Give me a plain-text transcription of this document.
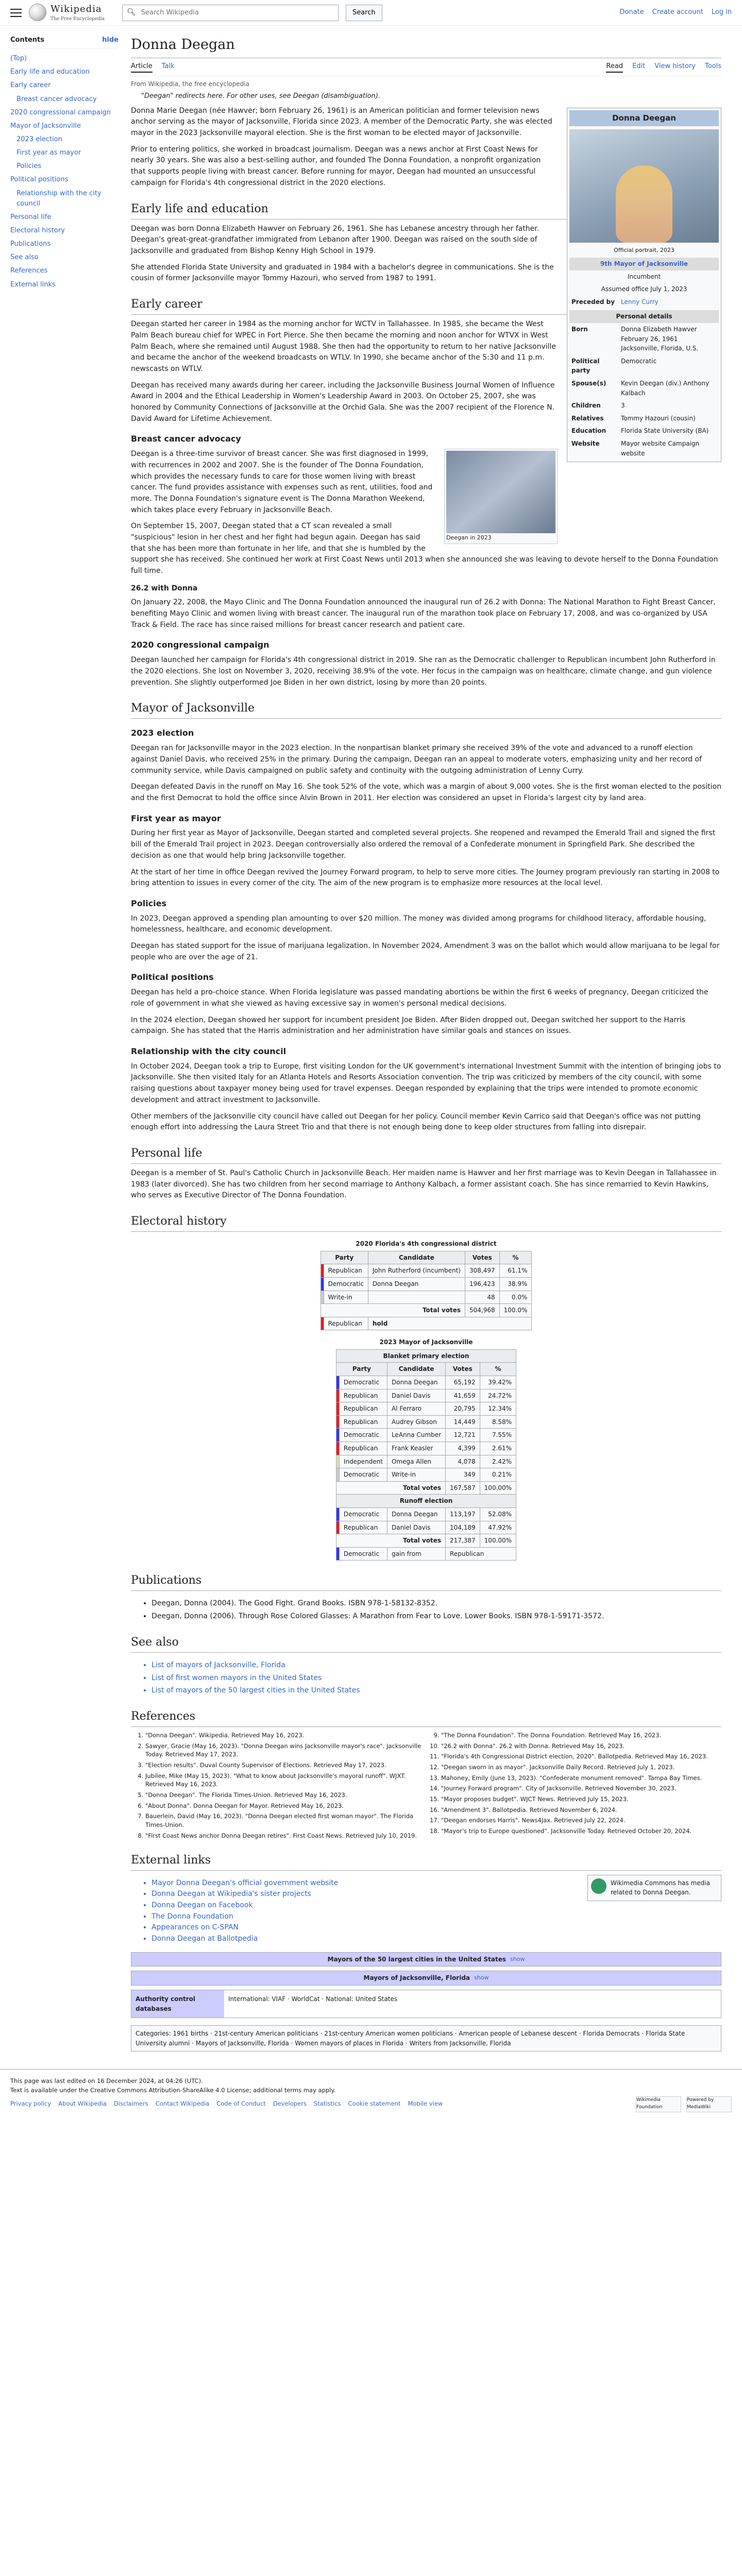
Wikipedia
The Free Encyclopedia
🔍︎
Search Wikipedia	Search	Donate Create account Log in
Contents	hide
(Top)
Early life and education
Early career
Breast cancer advocacy
2020 congressional campaign
Mayor of Jacksonville
2023 election
First year as mayor
Policies
Political positions
Relationship with the city council
Personal life
Electoral history
Publications
See also
References
External links
Donna Deegan
Article Talk	Read Edit View history Tools
From Wikipedia, the free encyclopedia
"Deegan" redirects here. For other uses, see Deegan (disambiguation).
Donna Deegan
Official portrait, 2023
9th Mayor of Jacksonville
Incumbent
Assumed office July 1, 2023
Preceded by Lenny Curry
Personal details
Born	Donna Elizabeth Hawver February 26, 1961 Jacksonville, Florida, U.S.
Political party
Democratic
Spouse(s)	Kevin Deegan (div.) Anthony Kalbach
Children	3
Relatives	Tommy Hazouri (cousin)
Education	Florida State University (BA)
Website	Mayor website Campaign website

Donna Marie Deegan (née Hawver; born February 26, 1961) is an American politician and former television news anchor serving as the mayor of Jacksonville, Florida since 2023. A member of the Democratic Party, she was elected mayor in the 2023 Jacksonville mayoral election. She is the first woman to be elected mayor of Jacksonville.

Prior to entering politics, she worked in broadcast journalism. Deegan was a news anchor at First Coast News for nearly 30 years. She was also a best-selling author, and founded The Donna Foundation, a nonprofit organization that supports people living with breast cancer. Before running for mayor, Deegan had mounted an unsuccessful campaign for Florida's 4th congressional district in the 2020 elections.

Early life and education

Deegan was born Donna Elizabeth Hawver on February 26, 1961. She has Lebanese ancestry through her father. Deegan's great-great-grandfather immigrated from Lebanon after 1900. Deegan was raised on the south side of Jacksonville and graduated from Bishop Kenny High School in 1979.

She attended Florida State University and graduated in 1984 with a bachelor's degree in communications. She is the cousin of former Jacksonville mayor Tommy Hazouri, who served from 1987 to 1991.

Early career

Deegan started her career in 1984 as the morning anchor for WCTV in Tallahassee. In 1985, she became the West Palm Beach bureau chief for WPEC in Fort Pierce. She then became the morning and noon anchor for WTVX in West Palm Beach, where she remained until August 1988. She then had the opportunity to return to her native Jacksonville and became the anchor of the weekend broadcasts on WTLV. In 1990, she became anchor of the 5:30 and 11 p.m. newscasts on WTLV.

Deegan has received many awards during her career, including the Jacksonville Business Journal Women of Influence Award in 2004 and the Ethical Leadership in Women's Leadership Award in 2003. On October 25, 2007, she was honored by Community Connections of Jacksonville at the Orchid Gala. She was the 2007 recipient of the Florence N. David Award for Lifetime Achievement.

Breast cancer advocacy
Deegan in 2023

Deegan is a three-time survivor of breast cancer. She was first diagnosed in 1999, with recurrences in 2002 and 2007. She is the founder of The Donna Foundation, which provides the necessary funds to care for those women living with breast cancer. The fund provides assistance with expenses such as rent, utilities, food and more. The Donna Foundation's signature event is The Donna Marathon Weekend, which takes place every February in Jacksonville Beach.

On September 15, 2007, Deegan stated that a CT scan revealed a small "suspicious" lesion in her chest and her fight had begun again. Deegan has said that she has been more than fortunate in her life, and that she is humbled by the support she has received. She continued her work at First Coast News until 2013 when she announced she was leaving to devote herself to the Donna Foundation full time.

26.2 with Donna

On January 22, 2008, the Mayo Clinic and The Donna Foundation announced the inaugural run of 26.2 with Donna: The National Marathon to Fight Breast Cancer, benefiting Mayo Clinic and women living with breast cancer. The inaugural run of the marathon took place on February 17, 2008, and was co-organized by USA Track & Field. The race has since raised millions for breast cancer research and patient care.

2020 congressional campaign

Deegan launched her campaign for Florida's 4th congressional district in 2019. She ran as the Democratic challenger to Republican incumbent John Rutherford in the 2020 elections. She lost on November 3, 2020, receiving 38.9% of the vote. Her focus in the campaign was on healthcare, climate change, and gun violence prevention. She slightly outperformed Joe Biden in her own district, losing by more than 20 points.

Mayor of Jacksonville
2023 election

Deegan ran for Jacksonville mayor in the 2023 election. In the nonpartisan blanket primary she received 39% of the vote and advanced to a runoff election against Daniel Davis, who received 25% in the primary. During the campaign, Deegan ran an appeal to moderate voters, emphasizing unity and her record of community service, while Davis campaigned on public safety and continuity with the outgoing administration of Lenny Curry.

Deegan defeated Davis in the runoff on May 16. She took 52% of the vote, which was a margin of about 9,000 votes. She is the first woman elected to the position and the first Democrat to hold the office since Alvin Brown in 2011. Her election was considered an upset in Florida's largest city by land area.

First year as mayor

During her first year as Mayor of Jacksonville, Deegan started and completed several projects. She reopened and revamped the Emerald Trail and signed the first bill of the Emerald Trail project in 2023. Deegan controversially also ordered the removal of a Confederate monument in Springfield Park. She described the decision as one that would help bring Jacksonville together.

At the start of her time in office Deegan revived the Journey Forward program, to help to serve more cities. The Journey program previously ran starting in 2008 to bring attention to issues in every corner of the city. The aim of the new program is to emphasize more resources at the local level.

Policies

In 2023, Deegan approved a spending plan amounting to over $20 million. The money was divided among programs for childhood literacy, affordable housing, homelessness, healthcare, and economic development.

Deegan has stated support for the issue of marijuana legalization. In November 2024, Amendment 3 was on the ballot which would allow marijuana to be legal for people who are over the age of 21.

Political positions

Deegan has held a pro-choice stance. When Florida legislature was passed mandating abortions be within the first 6 weeks of pregnancy, Deegan criticized the role of government in what she viewed as having excessive say in women's personal medical decisions.

In the 2024 election, Deegan showed her support for incumbent president Joe Biden. After Biden dropped out, Deegan switched her support to the Harris campaign. She has stated that the Harris administration and her administration have similar goals and stances on issues.

Relationship with the city council

In October 2024, Deegan took a trip to Europe, first visiting London for the UK government's international Investment Summit with the intention of bringing jobs to Jacksonville. She then visited Italy for an Atlanta Hotels and Resorts Association convention. The trip was criticized by members of the city council, with some raising questions about taxpayer money being used for travel expenses. Deegan responded by explaining that the trips were intended to promote economic development and attract investment to Jacksonville.

Other members of the Jacksonville city council have called out Deegan for her policy. Council member Kevin Carrico said that Deegan's office was not putting enough effort into addressing the Laura Street Trio and that there is not enough being done to keep older structures from falling into disrepair.

Personal life

Deegan is a member of St. Paul's Catholic Church in Jacksonville Beach. Her maiden name is Hawver and her first marriage was to Kevin Deegan in Tallahassee in 1983 (later divorced). She has two children from her second marriage to Anthony Kalbach, a former assistant coach. She has since remarried to Kevin Hawkins, who serves as Executive Director of The Donna Foundation.

Electoral history
2020 Florida's 4th congressional district
Party		Candidate	Votes	%
	Republican	John Rutherford (incumbent)	308,497	61.1%
	Democratic	Donna Deegan	196,423	38.9%
	Write-in		48	0.0%
Total votes			504,968	100.0%
	Republican	hold		
2023 Mayor of Jacksonville
Blanket primary election				
Party		Candidate	Votes	%
	Democratic	Donna Deegan	65,192	39.42%
	Republican	Daniel Davis	41,659	24.72%
	Republican	Al Ferraro	20,795	12.34%
	Republican	Audrey Gibson	14,449	8.58%
	Democratic	LeAnna Cumber	12,721	7.55%
	Republican	Frank Keasler	4,399	2.61%
	Independent	Omega Allen	4,078	2.42%
	Democratic	Write-in	349	0.21%
Total votes			167,587	100.00%
Runoff election				
	Democratic	Donna Deegan	113,197	52.08%
	Republican	Daniel Davis	104,189	47.92%
Total votes			217,387	100.00%
	Democratic	gain from	Republican	
Publications
• Deegan, Donna (2004). The Good Fight. Grand Books. ISBN 978-1-58132-8352.
• Deegan, Donna (2006). Through Rose Colored Glasses: A Marathon from Fear to Love. Lower Books. ISBN 978-1-59171-3572.
See also
• List of mayors of Jacksonville, Florida
• List of first women mayors in the United States
• List of mayors of the 50 largest cities in the United States
References
1. "Donna Deegan". Wikipedia. Retrieved May 16, 2023.
2. Sawyer, Gracie (May 16, 2023). "Donna Deegan wins Jacksonville mayor's race". Jacksonville Today. Retrieved May 17, 2023.
3. "Election results". Duval County Supervisor of Elections. Retrieved May 17, 2023.
4. Jubilee, Mike (May 15, 2023). "What to know about Jacksonville's mayoral runoff". WJXT. Retrieved May 16, 2023.
5. "Donna Deegan". The Florida Times-Union. Retrieved May 16, 2023.
6. "About Donna". Donna Deegan for Mayor. Retrieved May 16, 2023.
7. Bauerlein, David (May 16, 2023). "Donna Deegan elected first woman mayor". The Florida Times-Union.
8. "First Coast News anchor Donna Deegan retires". First Coast News. Retrieved July 10, 2019.
9. "The Donna Foundation". The Donna Foundation. Retrieved May 16, 2023.
10. "26.2 with Donna". 26.2 with Donna. Retrieved May 16, 2023.
11. "Florida's 4th Congressional District election, 2020". Ballotpedia. Retrieved May 16, 2023.
12. "Deegan sworn in as mayor". Jacksonville Daily Record. Retrieved July 1, 2023.
13. Mahoney, Emily (June 13, 2023). "Confederate monument removed". Tampa Bay Times.
14. "Journey Forward program". City of Jacksonville. Retrieved November 30, 2023.
15. "Mayor proposes budget". WJCT News. Retrieved July 15, 2023.
16. "Amendment 3". Ballotpedia. Retrieved November 6, 2024.
17. "Deegan endorses Harris". News4Jax. Retrieved July 22, 2024.
18. "Mayor's trip to Europe questioned". Jacksonville Today. Retrieved October 20, 2024.
External links
Wikimedia Commons has media related to Donna Deegan.
• Mayor Donna Deegan's official government website
• Donna Deegan at Wikipedia's sister projects
• Donna Deegan on Facebook
• The Donna Foundation
• Appearances on C-SPAN
• Donna Deegan at Ballotpedia
Mayors of the 50 largest cities in the United States show
Mayors of Jacksonville, Florida show
Authority control databases
International: VIAF · WorldCat · National: United States
Categories: 1961 births · 21st-century American politicians · 21st-century American women politicians · American people of Lebanese descent · Florida Democrats · Florida State University alumni · Mayors of Jacksonville, Florida · Women mayors of places in Florida · Writers from Jacksonville, Florida
This page was last edited on 16 December 2024, at 04:26 (UTC).
Text is available under the Creative Commons Attribution-ShareAlike 4.0 License; additional terms may apply.
Privacy policy About Wikipedia Disclaimers Contact Wikipedia Code of Conduct Developers Statistics Cookie statement Mobile view	Wikimedia Foundation
Powered by MediaWiki
